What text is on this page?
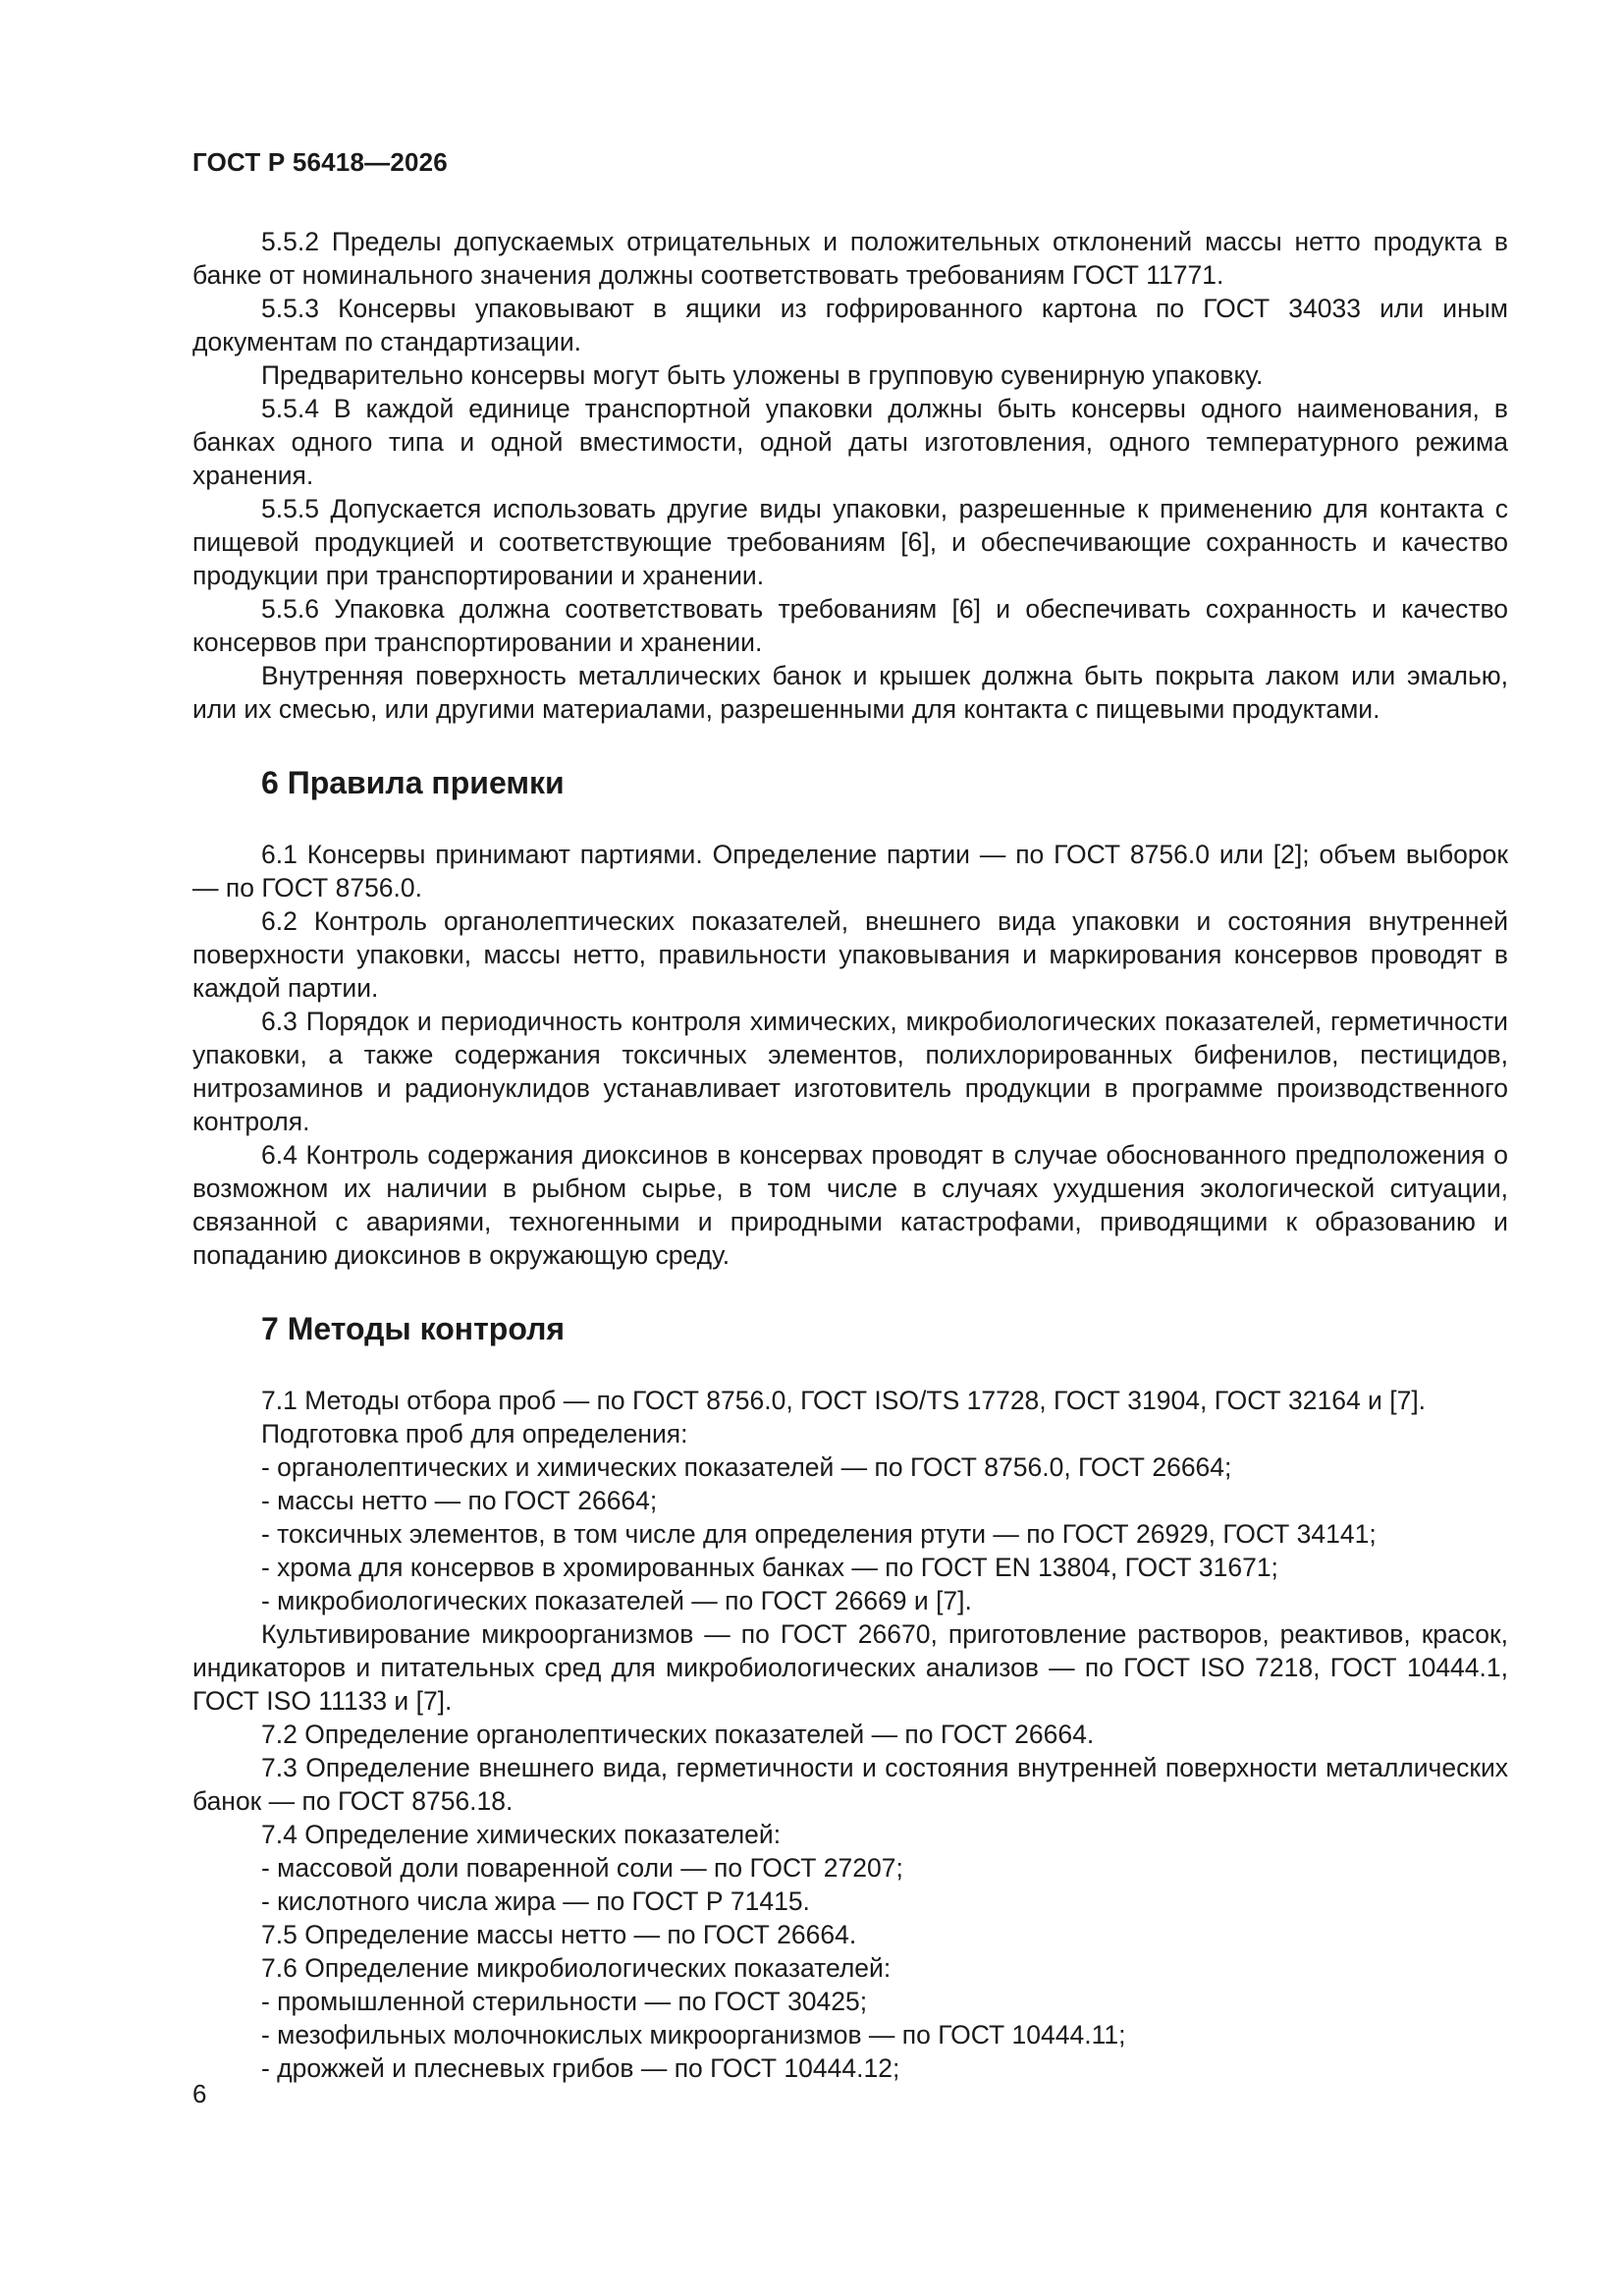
ГОСТ Р 56418—2026

5.5.2 Пределы допускаемых отрицательных и положительных отклонений массы нетто продукта в банке от номинального значения должны соответствовать требованиям ГОСТ 11771.

5.5.3 Консервы упаковывают в ящики из гофрированного картона по ГОСТ 34033 или иным документам по стандартизации.

Предварительно консервы могут быть уложены в групповую сувенирную упаковку.

5.5.4 В каждой единице транспортной упаковки должны быть консервы одного наименования, в банках одного типа и одной вместимости, одной даты изготовления, одного температурного режима хранения.

5.5.5 Допускается использовать другие виды упаковки, разрешенные к применению для контакта с пищевой продукцией и соответствующие требованиям [6], и обеспечивающие сохранность и качество продукции при транспортировании и хранении.

5.5.6 Упаковка должна соответствовать требованиям [6] и обеспечивать сохранность и качество консервов при транспортировании и хранении.

Внутренняя поверхность металлических банок и крышек должна быть покрыта лаком или эмалью, или их смесью, или другими материалами, разрешенными для контакта с пищевыми продуктами.

6 Правила приемки

6.1 Консервы принимают партиями. Определение партии — по ГОСТ 8756.0 или [2]; объем выборок — по ГОСТ 8756.0.

6.2 Контроль органолептических показателей, внешнего вида упаковки и состояния внутренней поверхности упаковки, массы нетто, правильности упаковывания и маркирования консервов проводят в каждой партии.

6.3 Порядок и периодичность контроля химических, микробиологических показателей, герметичности упаковки, а также содержания токсичных элементов, полихлорированных бифенилов, пестицидов, нитрозаминов и радионуклидов устанавливает изготовитель продукции в программе производственного контроля.

6.4 Контроль содержания диоксинов в консервах проводят в случае обоснованного предположения о возможном их наличии в рыбном сырье, в том числе в случаях ухудшения экологической ситуации, связанной с авариями, техногенными и природными катастрофами, приводящими к образованию и попаданию диоксинов в окружающую среду.

7 Методы контроля

7.1 Методы отбора проб — по ГОСТ 8756.0, ГОСТ ISO/TS 17728, ГОСТ 31904, ГОСТ 32164 и [7].

Подготовка проб для определения:

- органолептических и химических показателей — по ГОСТ 8756.0, ГОСТ 26664;

- массы нетто — по ГОСТ 26664;

- токсичных элементов, в том числе для определения ртути — по ГОСТ 26929, ГОСТ 34141;

- хрома для консервов в хромированных банках — по ГОСТ EN 13804, ГОСТ 31671;

- микробиологических показателей — по ГОСТ 26669 и [7].

Культивирование микроорганизмов — по ГОСТ 26670, приготовление растворов, реактивов, красок, индикаторов и питательных сред для микробиологических анализов — по ГОСТ ISO 7218, ГОСТ 10444.1, ГОСТ ISO 11133 и [7].

7.2 Определение органолептических показателей — по ГОСТ 26664.

7.3 Определение внешнего вида, герметичности и состояния внутренней поверхности металлических банок — по ГОСТ 8756.18.

7.4 Определение химических показателей:

- массовой доли поваренной соли — по ГОСТ 27207;

- кислотного числа жира — по ГОСТ Р 71415.

7.5 Определение массы нетто — по ГОСТ 26664.

7.6 Определение микробиологических показателей:

- промышленной стерильности — по ГОСТ 30425;

- мезофильных молочнокислых микроорганизмов — по ГОСТ 10444.11;

- дрожжей и плесневых грибов — по ГОСТ 10444.12;

6
